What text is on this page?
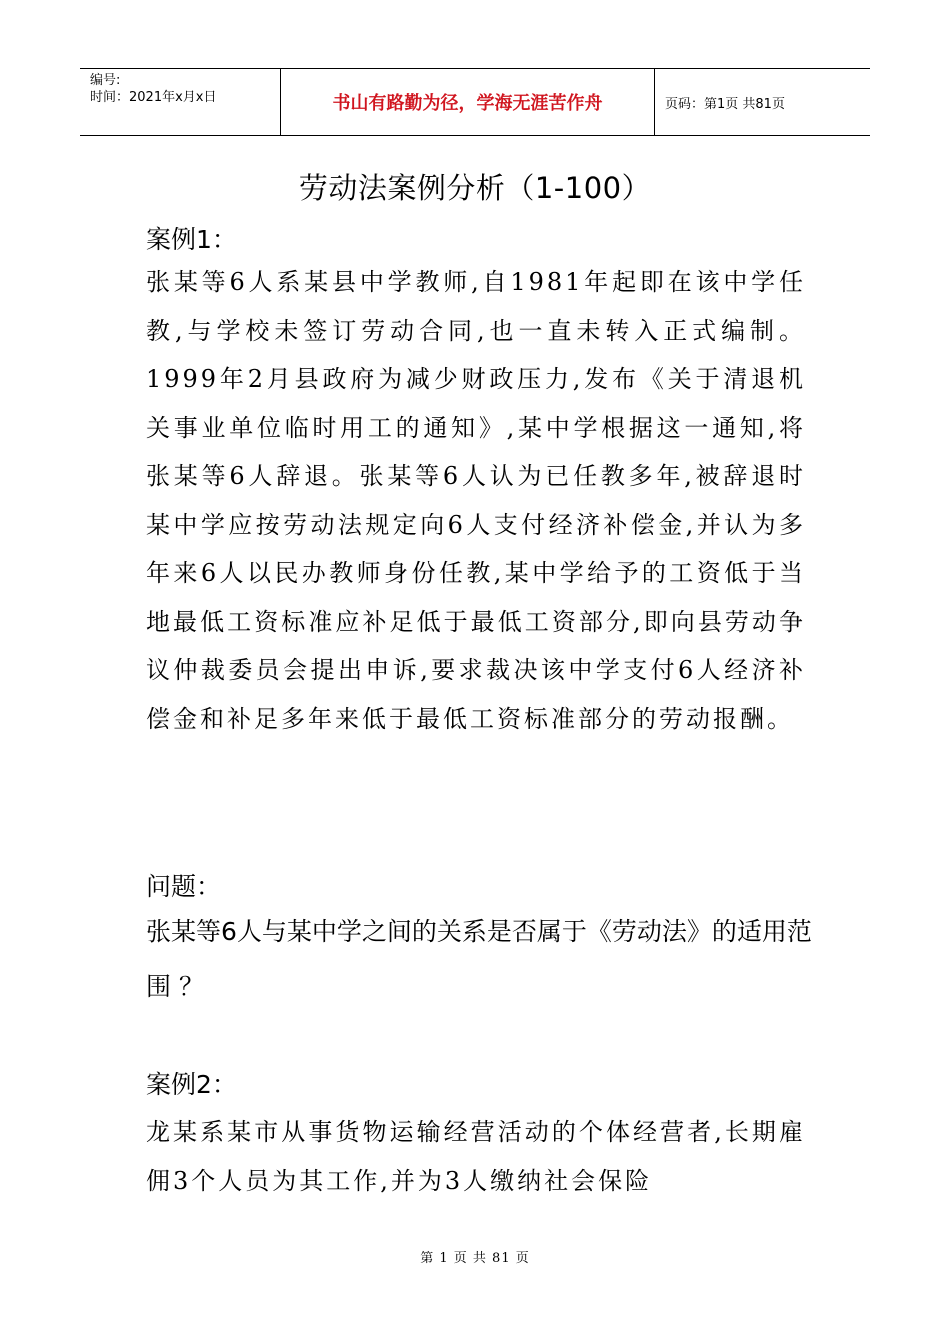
编号:
时间：2021年x月x日	书山有路勤为径，学海无涯苦作舟	页码：第1页 共81页
劳动法案例分析（1-100）
案例1：

张某等6人系某县中学教师,自1981年起即在该中学任教,与学校未签订劳动合同,也一直未转入正式编制。1999年2月县政府为减少财政压力,发布《关于清退机关事业单位临时用工的通知》,某中学根据这一通知,将张某等6人辞退。张某等6人认为已任教多年,被辞退时某中学应按劳动法规定向6人支付经济补偿金,并认为多年来6人以民办教师身份任教,某中学给予的工资低于当地最低工资标准应补足低于最低工资部分,即向县劳动争议仲裁委员会提出申诉,要求裁决该中学支付6人经济补偿金和补足多年来低于最低工资标准部分的劳动报酬。

问题：

张某等6人与某中学之间的关系是否属于《劳动法》的适用范围 ？

案例2：

龙某系某市从事货物运输经营活动的个体经营者,长期雇佣3个人员为其工作,并为3人缴纳社会保险

第 1 页 共 81 页
